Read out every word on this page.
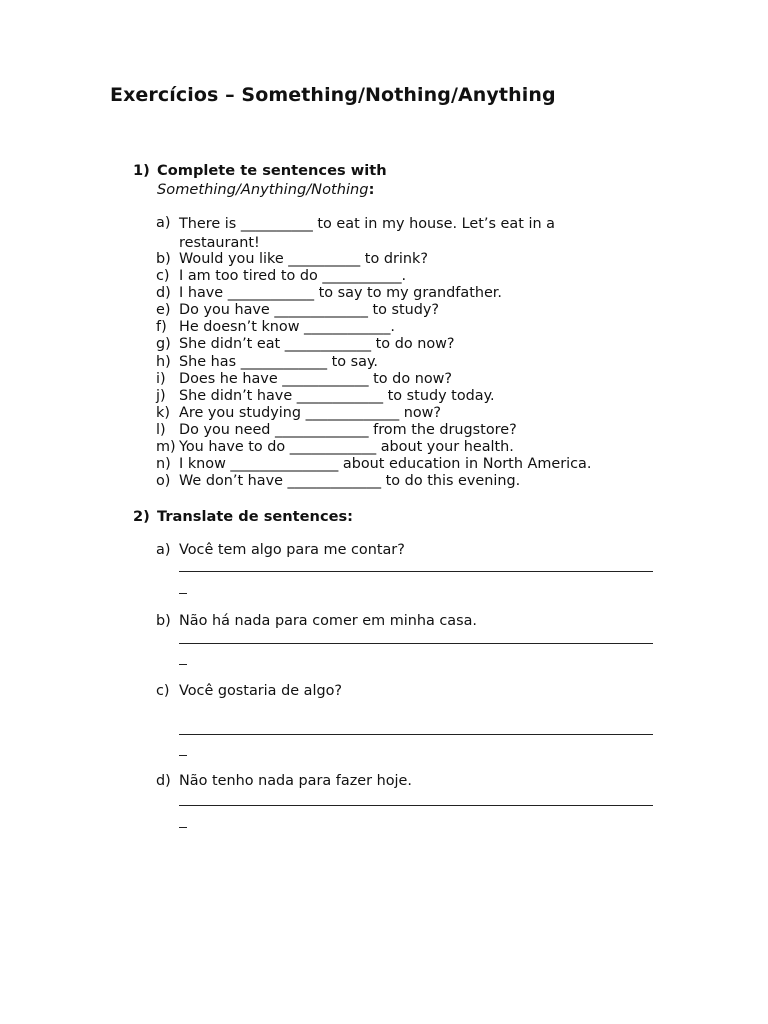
Exercícios – Something/Nothing/Anything
1) Complete te sentences with
Something/Anything/Nothing:
a) There is __________ to eat in my house. Let’s eat in a
restaurant!
b) Would you like __________ to drink?
c) I am too tired to do ___________.
d) I have ____________ to say to my grandfather.
e) Do you have _____________ to study?
f) He doesn’t know ____________.
g) She didn’t eat ____________ to do now?
h) She has ____________ to say.
i) Does he have ____________ to do now?
j) She didn’t have ____________ to study today.
k) Are you studying _____________ now?
l) Do you need _____________ from the drugstore?
m) You have to do ____________ about your health.
n) I know _______________ about education in North America.
o) We don’t have _____________ to do this evening.
2) Translate de sentences:
a) Você tem algo para me contar?
b) Não há nada para comer em minha casa.
c) Você gostaria de algo?
d) Não tenho nada para fazer hoje.
